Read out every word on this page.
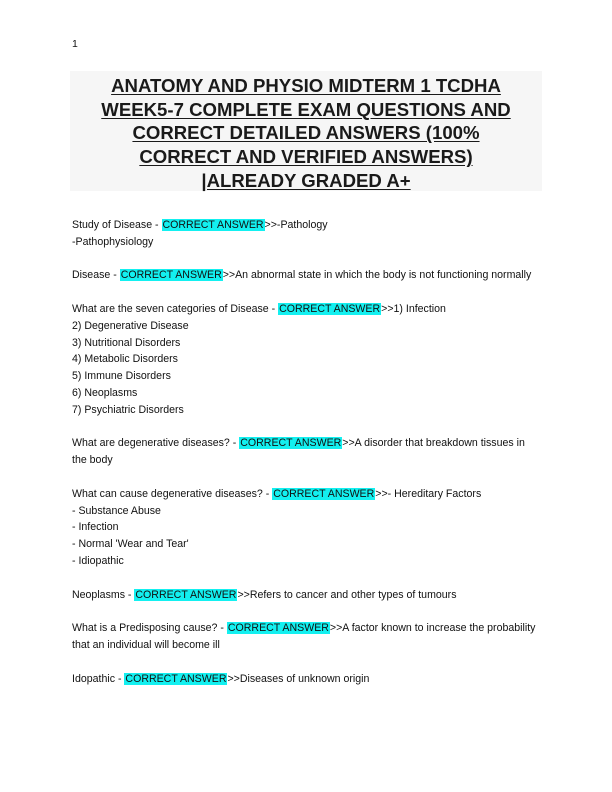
1
ANATOMY AND PHYSIO MIDTERM 1 TCDHA
WEEK5-7 COMPLETE EXAM QUESTIONS AND
CORRECT DETAILED ANSWERS (100%
CORRECT AND VERIFIED ANSWERS)
|ALREADY GRADED A+
Study of Disease - CORRECT ANSWER>>-Pathology
-Pathophysiology
Disease - CORRECT ANSWER>>An abnormal state in which the body is not functioning normally
What are the seven categories of Disease - CORRECT ANSWER>>1) Infection
2) Degenerative Disease
3) Nutritional Disorders
4) Metabolic Disorders
5) Immune Disorders
6) Neoplasms
7) Psychiatric Disorders
What are degenerative diseases? - CORRECT ANSWER>>A disorder that breakdown tissues in
the body
What can cause degenerative diseases? - CORRECT ANSWER>>- Hereditary Factors
- Substance Abuse
- Infection
- Normal 'Wear and Tear'
- Idiopathic
Neoplasms - CORRECT ANSWER>>Refers to cancer and other types of tumours
What is a Predisposing cause? - CORRECT ANSWER>>A factor known to increase the probability
that an individual will become ill
Idopathic - CORRECT ANSWER>>Diseases of unknown origin
